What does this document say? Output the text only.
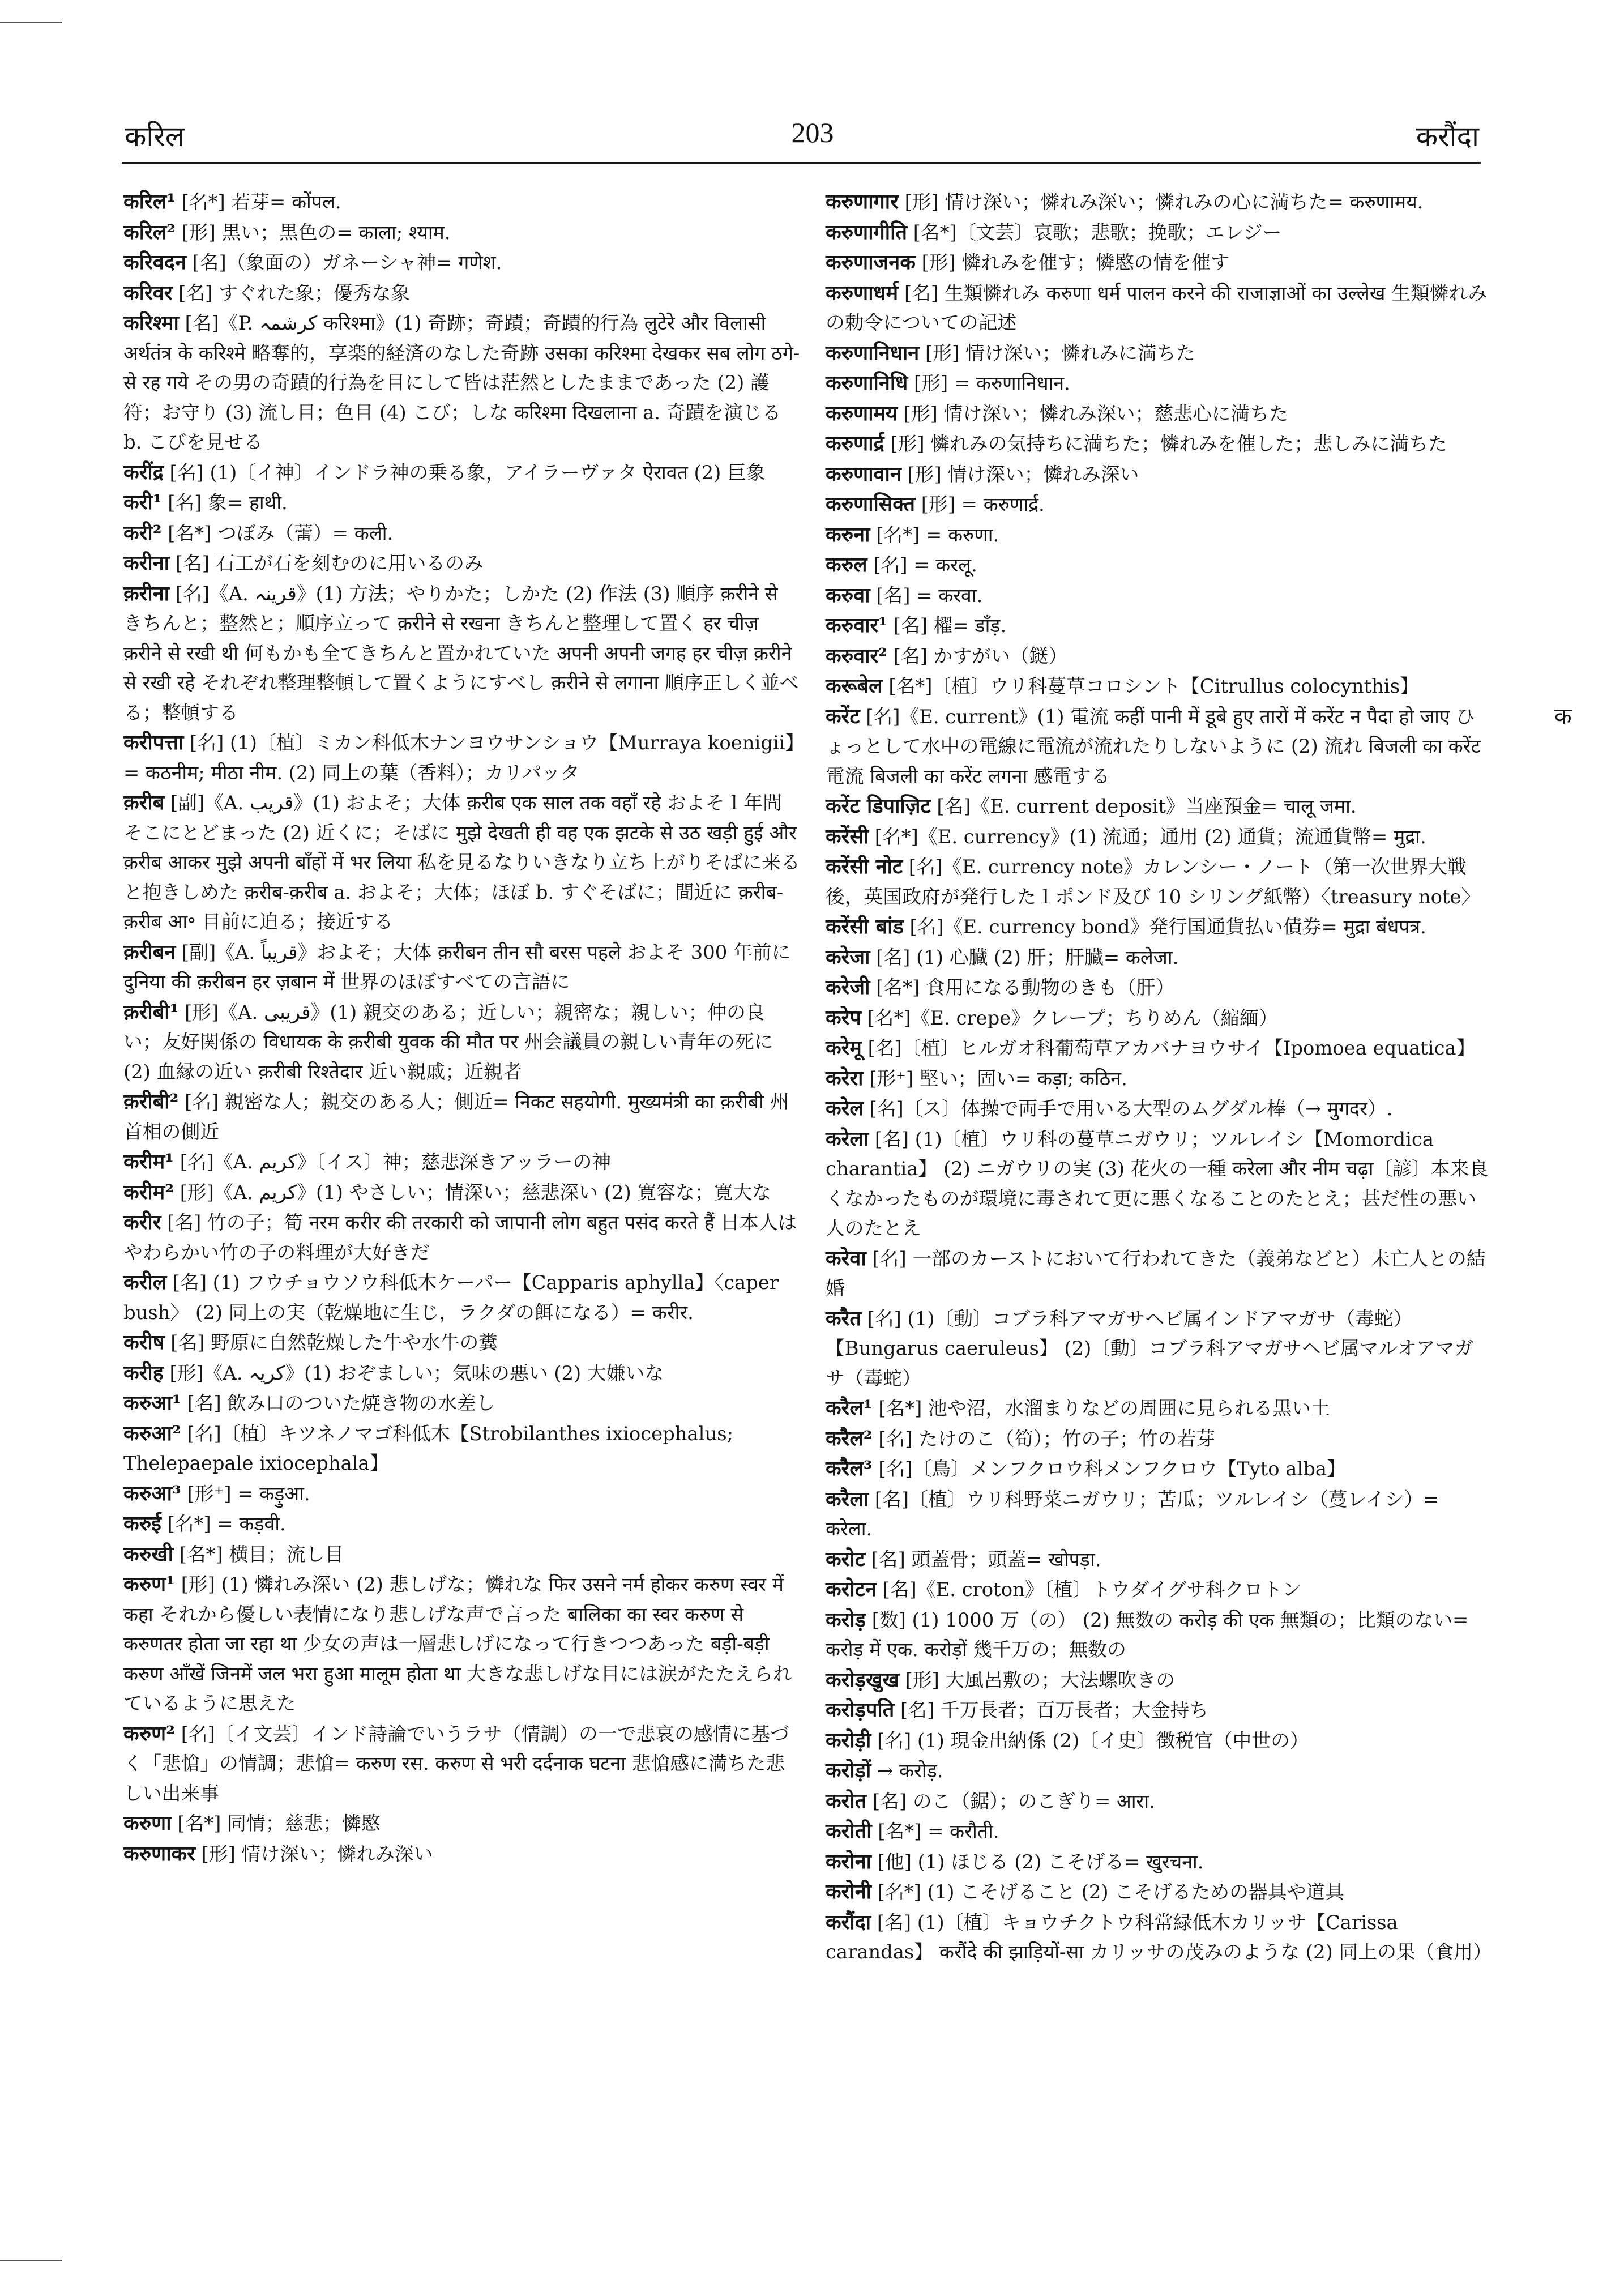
करिल	203	करौंदा

करिल¹ [名*] 若芽= कोंपल.

करिल² [形] 黒い；黒色の= काला; श्याम.

करिवदन [名]（象面の）ガネーシャ神= गणेश.

करिवर [名] すぐれた象；優秀な象

करिश्मा [名]《P. کرشمہ करिश्मा》(1) 奇跡；奇蹟；奇蹟的行為 लुटेरे और विलासी अर्थतंत्र के करिश्मे 略奪的，享楽的経済のなした奇跡 उसका करिश्मा देखकर सब लोग ठगे-से रह गये その男の奇蹟的行為を目にして皆は茫然としたままであった (2) 護符；お守り (3) 流し目；色目 (4) こび；しな करिश्मा दिखलाना a. 奇蹟を演じる b. こびを見せる

करींद्र [名] (1)〔イ神〕インドラ神の乗る象，アイラーヴァタ ऐरावत (2) 巨象

करी¹ [名] 象= हाथी.

करी² [名*] つぼみ（蕾）= कली.

करीना [名] 石工が石を刻むのに用いるのみ

क़रीना [名]《A. قرینہ》(1) 方法；やりかた；しかた (2) 作法 (3) 順序 क़रीने से きちんと；整然と；順序立って क़रीने से रखना きちんと整理して置く हर चीज़ क़रीने से रखी थी 何もかも全てきちんと置かれていた अपनी अपनी जगह हर चीज़ क़रीने से रखी रहे それぞれ整理整頓して置くようにすべし क़रीने से लगाना 順序正しく並べる；整頓する

करीपत्ता [名] (1)〔植〕ミカン科低木ナンヨウサンショウ【Murraya koenigii】= कठनीम; मीठा नीम. (2) 同上の葉（香料）；カリパッタ

क़रीब [副]《A. قریب》(1) およそ；大体 क़रीब एक साल तक वहाँ रहे およそ１年間そこにとどまった (2) 近くに；そばに मुझे देखती ही वह एक झटके से उठ खड़ी हुई और क़रीब आकर मुझे अपनी बाँहों में भर लिया 私を見るなりいきなり立ち上がりそばに来ると抱きしめた क़रीब-क़रीब a. およそ；大体；ほぼ b. すぐそばに；間近に क़रीब-क़रीब आ॰ 目前に迫る；接近する

क़रीबन [副]《A. قریباً》およそ；大体 क़रीबन तीन सौ बरस पहले およそ 300 年前に दुनिया की क़रीबन हर ज़बान में 世界のほぼすべての言語に

क़रीबी¹ [形]《A. قریبی》(1) 親交のある；近しい；親密な；親しい；仲の良い；友好関係の विधायक के क़रीबी युवक की मौत पर 州会議員の親しい青年の死に (2) 血縁の近い क़रीबी रिश्तेदार 近い親戚；近親者

क़रीबी² [名] 親密な人；親交のある人；側近= निकट सहयोगी. मुख्यमंत्री का क़रीबी 州首相の側近

करीम¹ [名]《A. کریم》〔イス〕神；慈悲深きアッラーの神

करीम² [形]《A. کریم》(1) やさしい；情深い；慈悲深い (2) 寛容な；寛大な

करीर [名] 竹の子；筍 नरम करीर की तरकारी को जापानी लोग बहुत पसंद करते हैं 日本人はやわらかい竹の子の料理が大好きだ

करील [名] (1) フウチョウソウ科低木ケーパー【Capparis aphylla】〈caper bush〉 (2) 同上の実（乾燥地に生じ，ラクダの餌になる）= करीर.

करीष [名] 野原に自然乾燥した牛や水牛の糞

करीह [形]《A. کریہ》(1) おぞましい；気味の悪い (2) 大嫌いな

करुआ¹ [名] 飲み口のついた焼き物の水差し

करुआ² [名]〔植〕キツネノマゴ科低木【Strobilanthes ixiocephalus; Thelepaepale ixiocephala】

करुआ³ [形⁺] = कड़ुआ.

करुई [名*] = कड़वी.

करुखी [名*] 横目；流し目

करुण¹ [形] (1) 憐れみ深い (2) 悲しげな；憐れな फिर उसने नर्म होकर करुण स्वर में कहा それから優しい表情になり悲しげな声で言った बालिका का स्वर करुण से करुणतर होता जा रहा था 少女の声は一層悲しげになって行きつつあった बड़ी-बड़ी करुण आँखें जिनमें जल भरा हुआ मालूम होता था 大きな悲しげな目には涙がたたえられているように思えた

करुण² [名]〔イ文芸〕インド詩論でいうラサ（情調）の一で悲哀の感情に基づく「悲愴」の情調；悲愴= करुण रस. करुण से भरी दर्दनाक घटना 悲愴感に満ちた悲しい出来事

करुणा [名*] 同情；慈悲；憐愍

करुणाकर [形] 情け深い；憐れみ深い

करुणागार [形] 情け深い；憐れみ深い；憐れみの心に満ちた= करुणामय.

करुणागीति [名*]〔文芸〕哀歌；悲歌；挽歌；エレジー

करुणाजनक [形] 憐れみを催す；憐愍の情を催す

करुणाधर्म [名] 生類憐れみ करुणा धर्म पालन करने की राजाज्ञाओं का उल्लेख 生類憐れみの勅令についての記述

करुणानिधान [形] 情け深い；憐れみに満ちた

करुणानिधि [形] = करुणानिधान.

करुणामय [形] 情け深い；憐れみ深い；慈悲心に満ちた

करुणार्द्र [形] 憐れみの気持ちに満ちた；憐れみを催した；悲しみに満ちた

करुणावान [形] 情け深い；憐れみ深い

करुणासिक्त [形] = करुणार्द्र.

करुना [名*] = करुणा.

करुल [名] = करलू.

करुवा [名] = करवा.

करुवार¹ [名] 櫂= डाँड़.

करुवार² [名] かすがい（鎹）

करूबेल [名*]〔植〕ウリ科蔓草コロシント【Citrullus colocynthis】

करेंट [名]《E. current》(1) 電流 कहीं पानी में डूबे हुए तारों में करेंट न पैदा हो जाए ひょっとして水中の電線に電流が流れたりしないように (2) 流れ बिजली का करेंट 電流 बिजली का करेंट लगना 感電する

करेंट डिपाज़िट [名]《E. current deposit》当座預金= चालू जमा.

करेंसी [名*]《E. currency》(1) 流通；通用 (2) 通貨；流通貨幣= मुद्रा.

करेंसी नोट [名]《E. currency note》カレンシー・ノート（第一次世界大戦後，英国政府が発行した１ポンド及び 10 シリング紙幣）〈treasury note〉

करेंसी बांड [名]《E. currency bond》発行国通貨払い債券= मुद्रा बंधपत्र.

करेजा [名] (1) 心臓 (2) 肝；肝臓= कलेजा.

करेजी [名*] 食用になる動物のきも（肝）

करेप [名*]《E. crepe》クレープ；ちりめん（縮緬）

करेमू [名]〔植〕ヒルガオ科葡萄草アカバナヨウサイ【Ipomoea equatica】

करेरा [形⁺] 堅い；固い= कड़ा; कठिन.

करेल [名]〔ス〕体操で両手で用いる大型のムグダル棒（→ मुगदर）.

करेला [名] (1)〔植〕ウリ科の蔓草ニガウリ；ツルレイシ【Momordica charantia】 (2) ニガウリの実 (3) 花火の一種 करेला और नीम चढ़ा〔諺〕本来良くなかったものが環境に毒されて更に悪くなることのたとえ；甚だ性の悪い人のたとえ

करेवा [名] 一部のカーストにおいて行われてきた（義弟などと）未亡人との結婚

करैत [名] (1)〔動〕コブラ科アマガサヘビ属インドアマガサ（毒蛇）【Bungarus caeruleus】 (2)〔動〕コブラ科アマガサヘビ属マルオアマガサ（毒蛇）

करैल¹ [名*] 池や沼，水溜まりなどの周囲に見られる黒い土

करैल² [名] たけのこ（筍）；竹の子；竹の若芽

करैल³ [名]〔鳥〕メンフクロウ科メンフクロウ【Tyto alba】

करैला [名]〔植〕ウリ科野菜ニガウリ；苦瓜；ツルレイシ（蔓レイシ）= करेला.

करोट [名] 頭蓋骨；頭蓋= खोपड़ा.

करोटन [名]《E. croton》〔植〕トウダイグサ科クロトン

करोड़ [数] (1) 1000 万（の） (2) 無数の करोड़ की एक 無類の；比類のない= करोड़ में एक. करोड़ों 幾千万の；無数の

करोड़खुख [形] 大風呂敷の；大法螺吹きの

करोड़पति [名] 千万長者；百万長者；大金持ち

करोड़ी [名] (1) 現金出納係 (2)〔イ史〕徴税官（中世の）

करोड़ों → करोड़.

करोत [名] のこ（鋸）；のこぎり= आरा.

करोती [名*] = करौती.

करोना [他] (1) ほじる (2) こそげる= खुरचना.

करोनी [名*] (1) こそげること (2) こそげるための器具や道具

करौंदा [名] (1)〔植〕キョウチクトウ科常緑低木カリッサ【Carissa carandas】 करौंदे की झाड़ियों-सा カリッサの茂みのような (2) 同上の果（食用）

क
